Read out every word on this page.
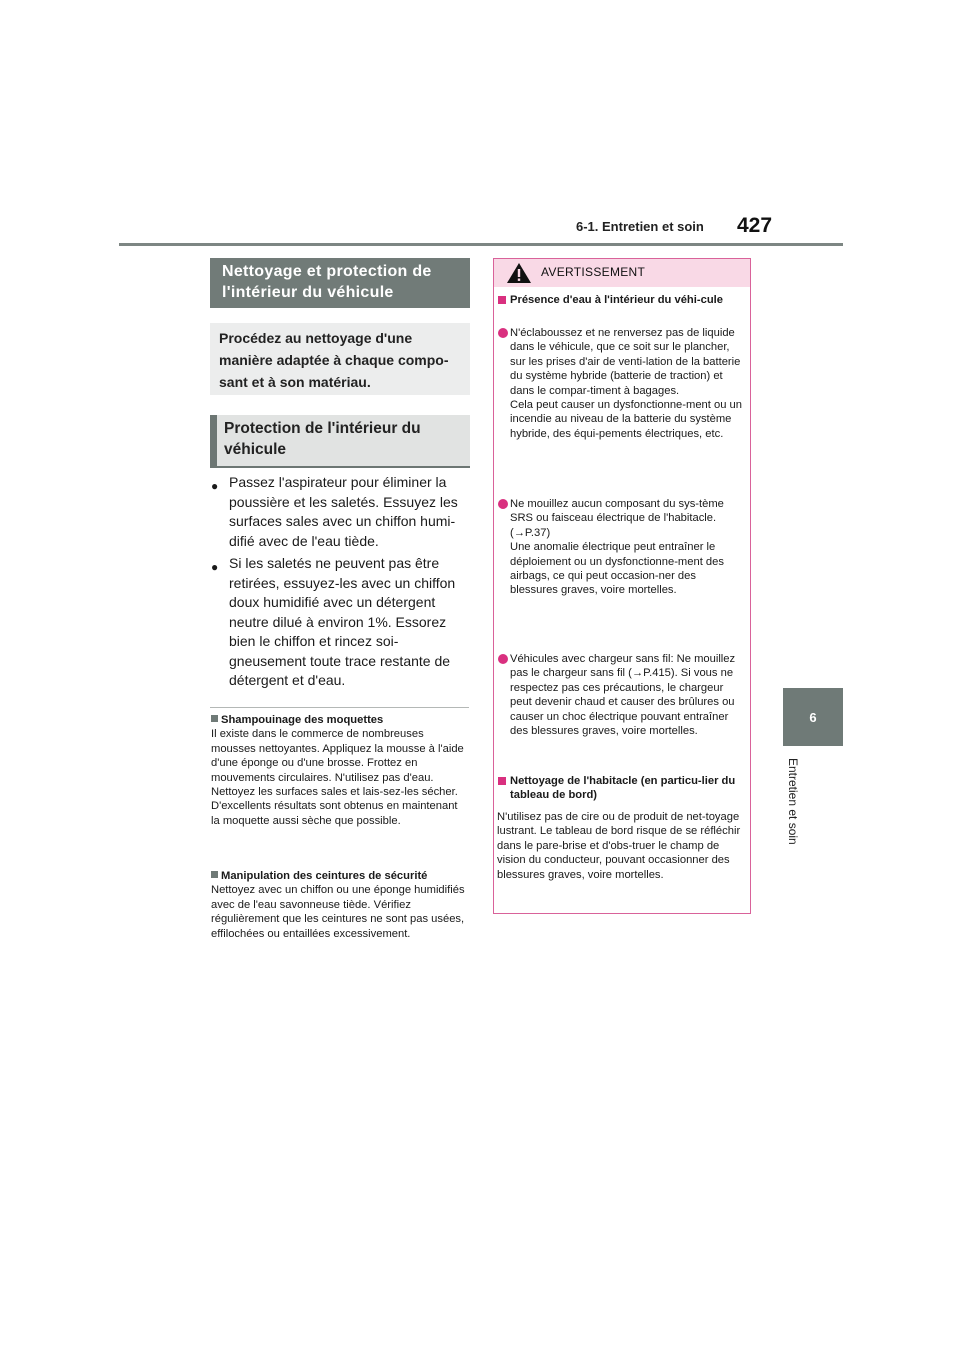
6-1. Entretien et soin 427
6
Entretien et soin
Nettoyage et protection de l'intérieur du véhicule
Procédez au nettoyage d'une manière adaptée à chaque compo-sant et à son matériau.
Protection de l'intérieur du véhicule
● Passez l'aspirateur pour éliminer la poussière et les saletés. Essuyez les surfaces sales avec un chiffon humi-difié avec de l'eau tiède.
● Si les saletés ne peuvent pas être retirées, essuyez-les avec un chiffon doux humidifié avec un détergent neutre dilué à environ 1%. Essorez bien le chiffon et rincez soi-gneusement toute trace restante de détergent et d'eau.
Shampouinage des moquettes
Il existe dans le commerce de nombreuses mousses nettoyantes. Appliquez la mousse à l'aide d'une éponge ou d'une brosse. Frottez en mouvements circulaires. N'utilisez pas d'eau. Nettoyez les surfaces sales et lais-sez-les sécher. D'excellents résultats sont obtenus en maintenant la moquette aussi sèche que possible.
Manipulation des ceintures de sécurité
Nettoyez avec un chiffon ou une éponge humidifiés avec de l'eau savonneuse tiède. Vérifiez régulièrement que les ceintures ne sont pas usées, effilochées ou entaillées excessivement.
AVERTISSEMENT
Présence d'eau à l'intérieur du véhi-cule
N'éclaboussez et ne renversez pas de liquide dans le véhicule, que ce soit sur le plancher, sur les prises d'air de venti-lation de la batterie du système hybride (batterie de traction) et dans le compar-timent à bagages.
Cela peut causer un dysfonctionne-ment ou un incendie au niveau de la batterie du système hybride, des équi-pements électriques, etc.
Ne mouillez aucun composant du sys-tème SRS ou faisceau électrique de l'habitacle.
(→P.37)
Une anomalie électrique peut entraîner le déploiement ou un dysfonctionne-ment des airbags, ce qui peut occasion-ner des blessures graves, voire mortelles.
Véhicules avec chargeur sans fil: Ne mouillez pas le chargeur sans fil (→P.415). Si vous ne respectez pas ces précautions, le chargeur peut devenir chaud et causer des brûlures ou causer un choc électrique pouvant entraîner des blessures graves, voire mortelles.
Nettoyage de l'habitacle (en particu-lier du tableau de bord)
N'utilisez pas de cire ou de produit de net-toyage lustrant. Le tableau de bord risque de se réfléchir dans le pare-brise et d'obs-truer le champ de vision du conducteur, pouvant occasionner des blessures graves, voire mortelles.
